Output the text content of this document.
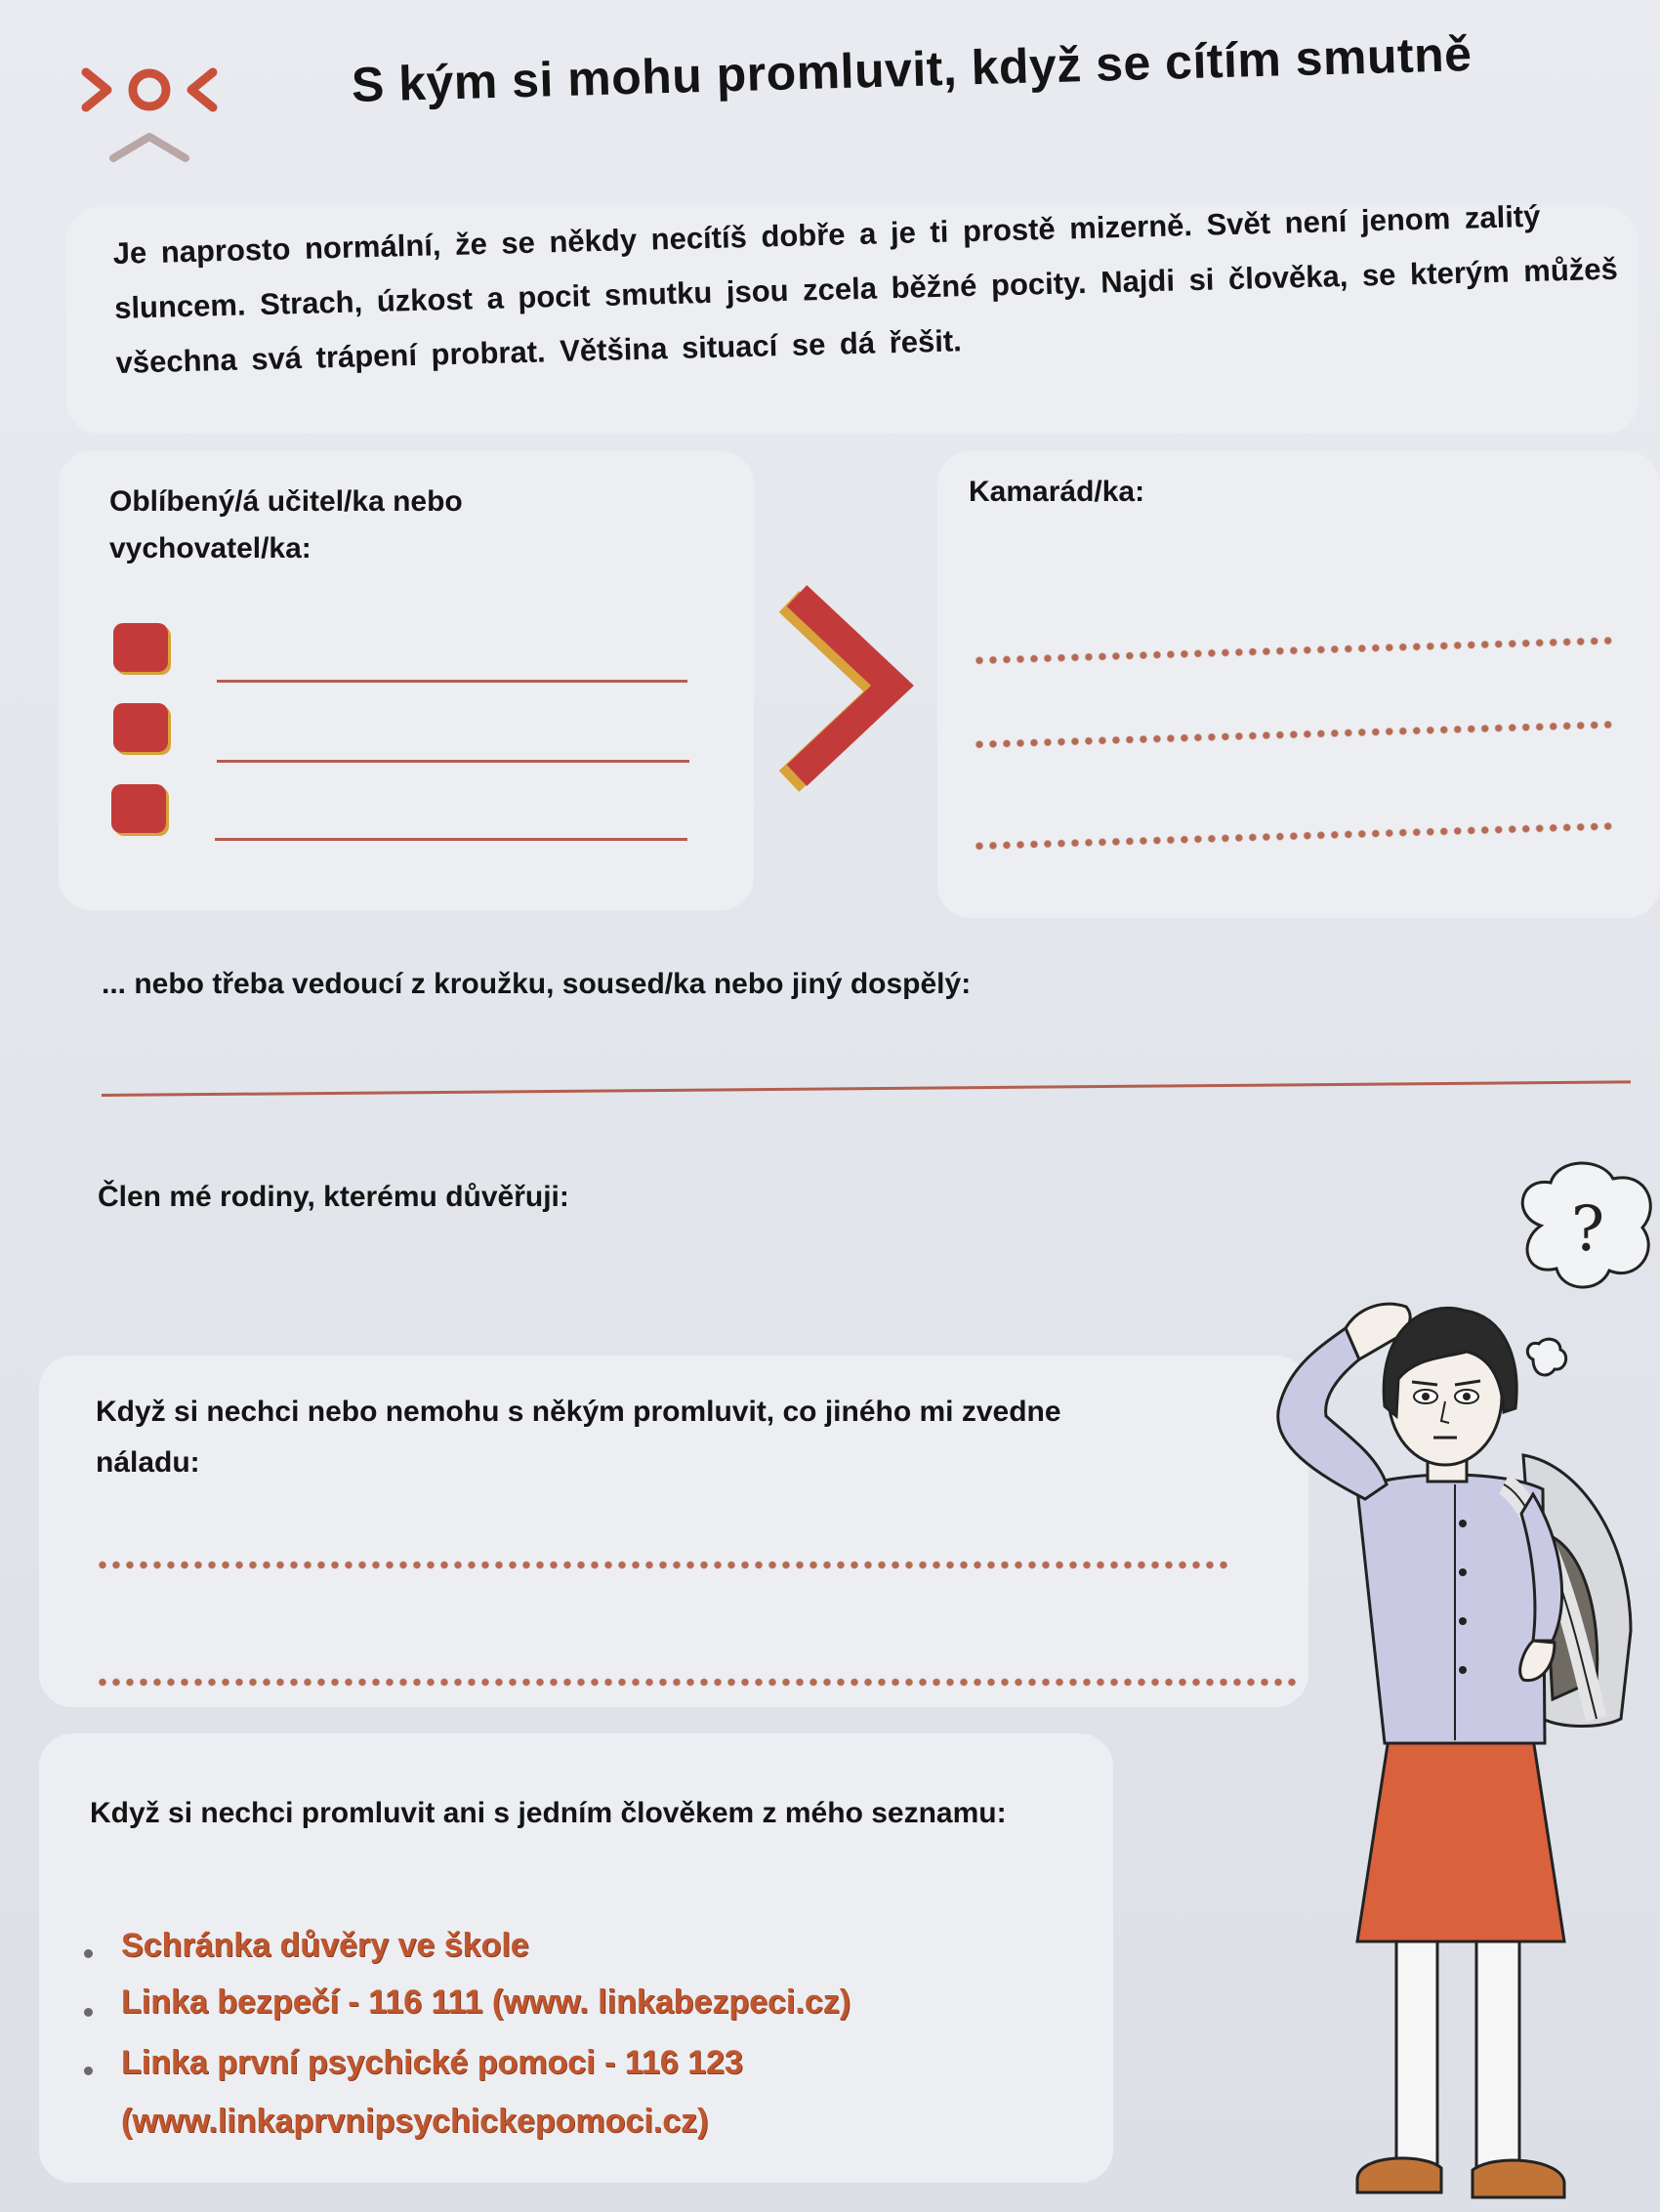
S kým si mohu promluvit, když se cítím smutně
Je naprosto normální, že se někdy necítíš dobře a je ti prostě mizerně. Svět není jenom zalitý sluncem. Strach, úzkost a pocit smutku jsou zcela běžné pocity. Najdi si člověka, se kterým můžeš všechna svá trápení probrat. Většina situací se dá řešit.
Oblíbený/á učitel/ka nebo vychovatel/ka:
Kamarád/ka:
... nebo třeba vedoucí z kroužku, soused/ka nebo jiný dospělý:
Člen mé rodiny, kterému důvěřuji:
Když si nechci nebo nemohu s někým promluvit, co jiného mi zvedne náladu:
Když si nechci promluvit ani s jedním člověkem z mého seznamu:
Schránka důvěry ve škole
Linka bezpečí - 116 111 (www. linkabezpeci.cz)
Linka první psychické pomoci - 116 123 (www.linkaprvnipsychickepomoci.cz)
?
